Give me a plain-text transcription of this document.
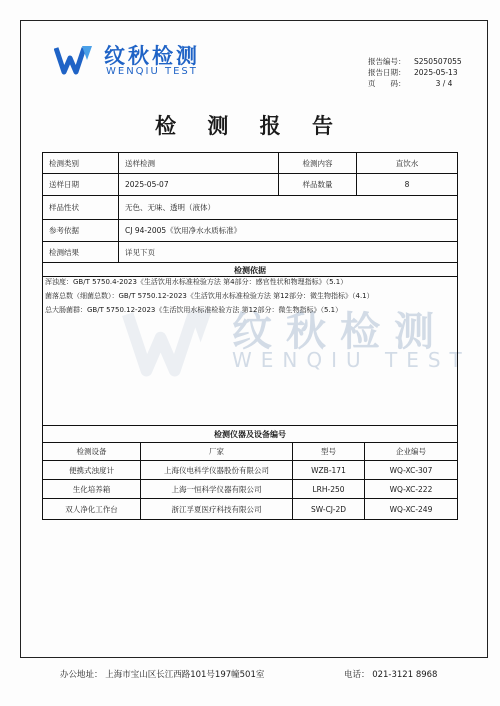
纹秋检测
WENQIU TEST
报告编号：	S250507055
报告日期：	2025-05-13
页　　码：	3 / 4
检 测 报 告
纹秋检测
WENQIU TEST
检测类别	送样检测	检测内容	直饮水
送样日期	2025-05-07	样品数量	8
样品性状	无色、无味、透明（液体）
参考依据	CJ 94-2005《饮用净水水质标准》
检测结果	详见下页
检测依据
浑浊度：GB/T 5750.4-2023《生活饮用水标准检验方法 第4部分：感官性状和物理指标》（5.1）
菌落总数（细菌总数）：GB/T 5750.12-2023《生活饮用水标准检验方法 第12部分：微生物指标》（4.1）
总大肠菌群：GB/T 5750.12-2023《生活饮用水标准检验方法 第12部分：微生物指标》（5.1）
检测仪器及设备编号
检测设备	厂家	型号	企业编号
便携式浊度计	上海仪电科学仪器股份有限公司	WZB-171	WQ-XC-307
生化培养箱	上海一恒科学仪器有限公司	LRH-250	WQ-XC-222
双人净化工作台	浙江孚夏医疗科技有限公司	SW-CJ-2D	WQ-XC-249
办公地址： 上海市宝山区长江西路101号197幢501室	电话： 021-3121 8968
